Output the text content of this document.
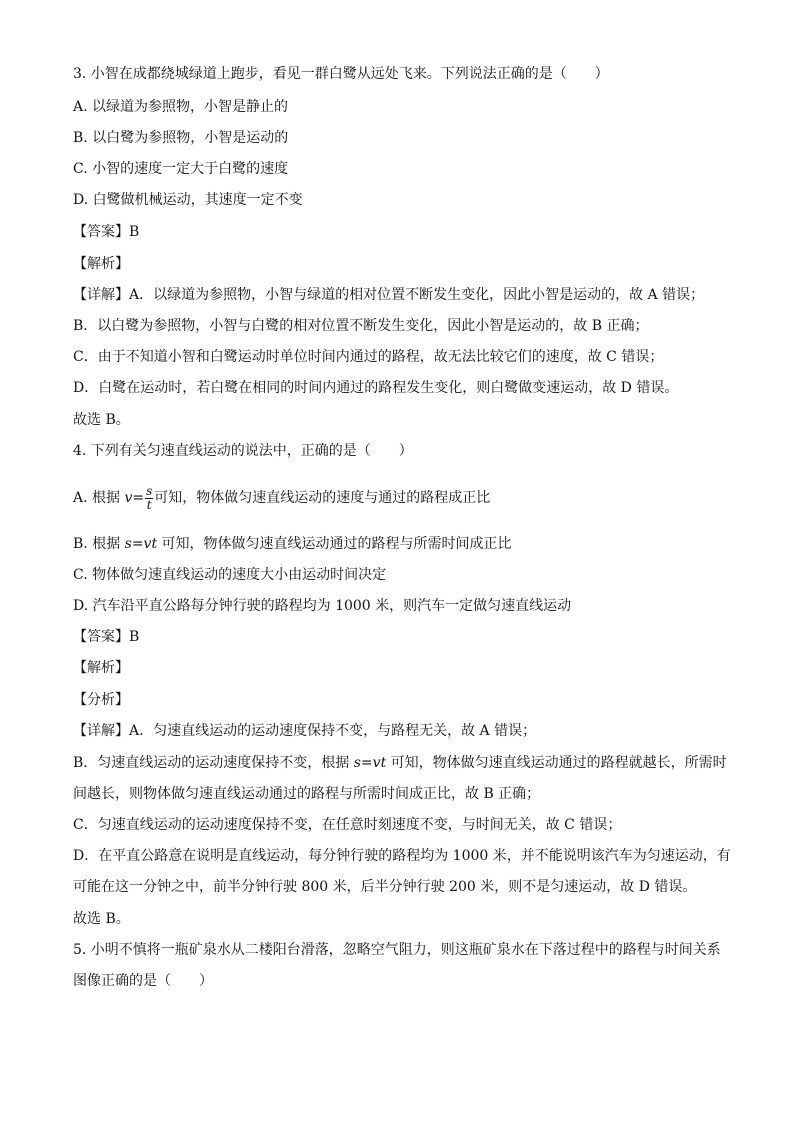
3. 小智在成都绕城绿道上跑步，看见一群白鹭从远处飞来。下列说法正确的是（　　）
A. 以绿道为参照物，小智是静止的
B. 以白鹭为参照物，小智是运动的
C. 小智的速度一定大于白鹭的速度
D. 白鹭做机械运动，其速度一定不变
【答案】B
【解析】
【详解】A．以绿道为参照物，小智与绿道的相对位置不断发生变化，因此小智是运动的，故 A 错误；
B．以白鹭为参照物，小智与白鹭的相对位置不断发生变化，因此小智是运动的，故 B 正确；
C．由于不知道小智和白鹭运动时单位时间内通过的路程，故无法比较它们的速度，故 C 错误；
D．白鹭在运动时，若白鹭在相同的时间内通过的路程发生变化，则白鹭做变速运动，故 D 错误。
故选 B。
4. 下列有关匀速直线运动的说法中，正确的是（　　）
A. 根据 $v= \frac{s}{t}$ 可知，物体做匀速直线运动的速度与通过的路程成正比
B. 根据 s=vt 可知，物体做匀速直线运动通过的路程与所需时间成正比
C. 物体做匀速直线运动的速度大小由运动时间决定
D. 汽车沿平直公路每分钟行驶的路程均为 1000 米，则汽车一定做匀速直线运动
【答案】B
【解析】
【分析】
【详解】A．匀速直线运动的运动速度保持不变，与路程无关，故 A 错误；
B．匀速直线运动的运动速度保持不变，根据 s=vt 可知，物体做匀速直线运动通过的路程就越长，所需时
间越长，则物体做匀速直线运动通过的路程与所需时间成正比，故 B 正确；
C．匀速直线运动的运动速度保持不变，在任意时刻速度不变，与时间无关，故 C 错误；
D．在平直公路意在说明是直线运动，每分钟行驶的路程均为 1000 米，并不能说明该汽车为匀速运动，有
可能在这一分钟之中，前半分钟行驶 800 米，后半分钟行驶 200 米，则不是匀速运动，故 D 错误。
故选 B。
5. 小明不慎将一瓶矿泉水从二楼阳台滑落，忽略空气阻力，则这瓶矿泉水在下落过程中的路程与时间关系
图像正确的是（　　）
